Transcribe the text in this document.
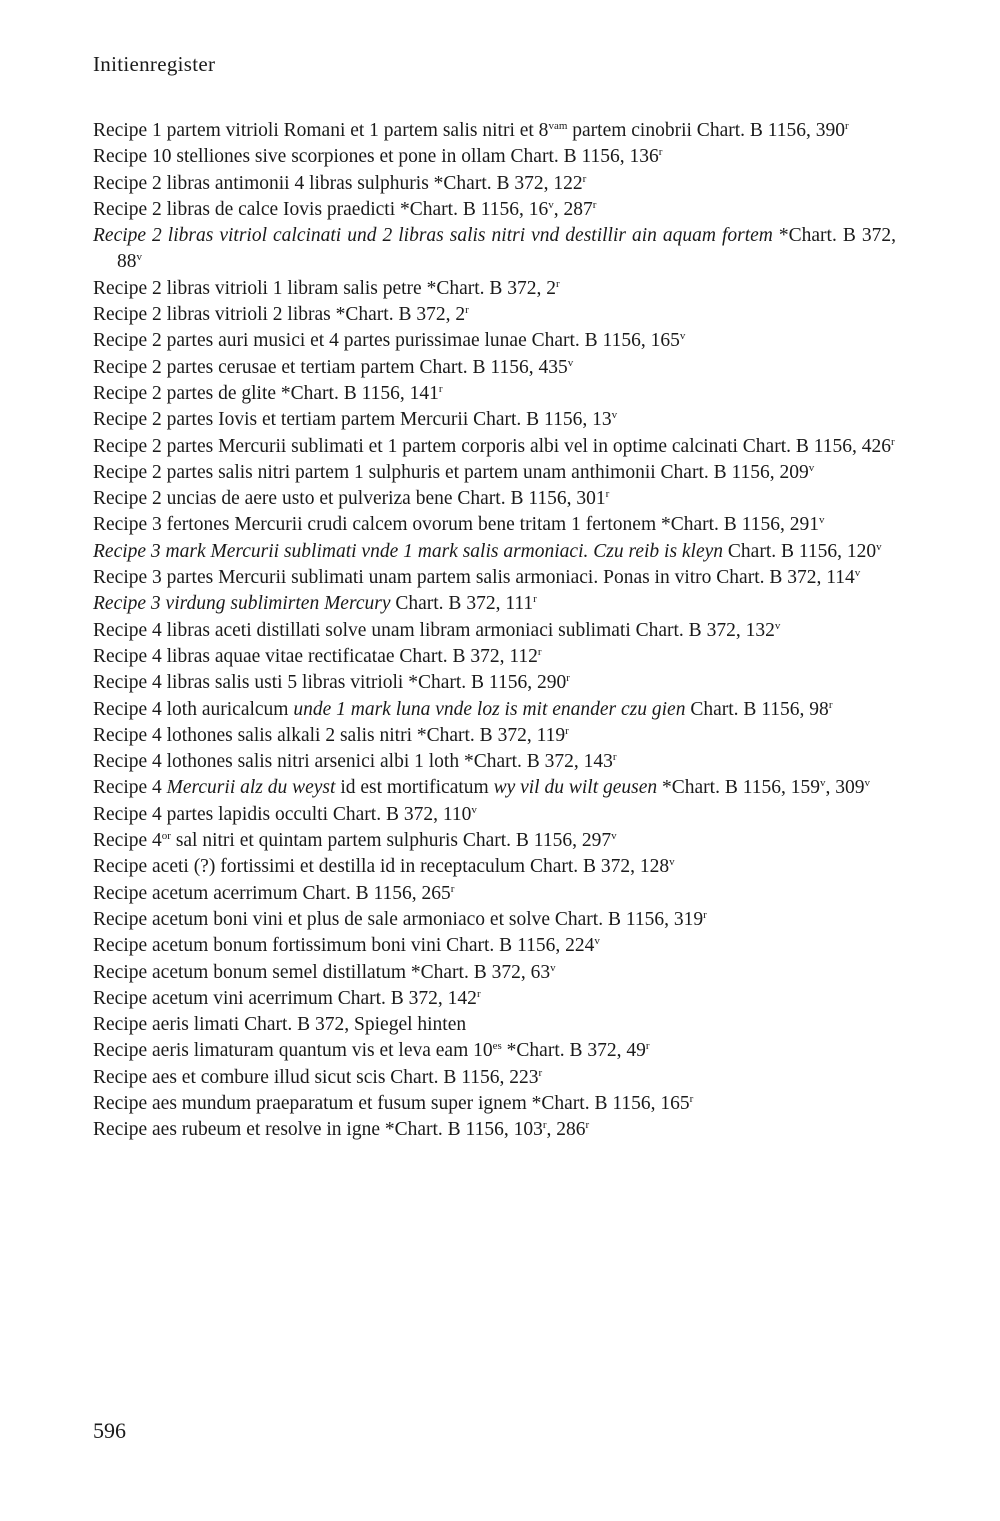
Initienregister
Recipe 1 partem vitrioli Romani et 1 partem salis nitri et $8^{vam}$ partem cinobrii Chart. B 1156, 390$^r$
Recipe 10 stelliones sive scorpiones et pone in ollam Chart. B 1156, 136$^r$
Recipe 2 libras antimonii 4 libras sulphuris *Chart. B 372, 122$^r$
Recipe 2 libras de calce Iovis praedicti *Chart. B 1156, 16$^v$, 287$^r$
Recipe 2 libras vitriol calcinati und 2 libras salis nitri vnd destillir ain aquam fortem *Chart. B 372, 88$^v$
Recipe 2 libras vitrioli 1 libram salis petre *Chart. B 372, 2$^r$
Recipe 2 libras vitrioli 2 libras *Chart. B 372, 2$^r$
Recipe 2 partes auri musici et 4 partes purissimae lunae Chart. B 1156, 165$^v$
Recipe 2 partes cerusae et tertiam partem Chart. B 1156, 435$^v$
Recipe 2 partes de glite *Chart. B 1156, 141$^r$
Recipe 2 partes Iovis et tertiam partem Mercurii Chart. B 1156, 13$^v$
Recipe 2 partes Mercurii sublimati et 1 partem corporis albi vel in optime calcinati Chart. B 1156, 426$^r$
Recipe 2 partes salis nitri partem 1 sulphuris et partem unam anthimonii Chart. B 1156, 209$^v$
Recipe 2 uncias de aere usto et pulveriza bene Chart. B 1156, 301$^r$
Recipe 3 fertones Mercurii crudi calcem ovorum bene tritam 1 fertonem *Chart. B 1156, 291$^v$
Recipe 3 mark Mercurii sublimati vnde 1 mark salis armoniaci. Czu reib is kleyn Chart. B 1156, 120$^v$
Recipe 3 partes Mercurii sublimati unam partem salis armoniaci. Ponas in vitro Chart. B 372, 114$^v$
Recipe 3 virdung sublimirten Mercury Chart. B 372, 111$^r$
Recipe 4 libras aceti distillati solve unam libram armoniaci sublimati Chart. B 372, 132$^v$
Recipe 4 libras aquae vitae rectificatae Chart. B 372, 112$^r$
Recipe 4 libras salis usti 5 libras vitrioli *Chart. B 1156, 290$^r$
Recipe 4 loth auricalcum unde 1 mark luna vnde loz is mit enander czu gien Chart. B 1156, 98$^r$
Recipe 4 lothones salis alkali 2 salis nitri *Chart. B 372, 119$^r$
Recipe 4 lothones salis nitri arsenici albi 1 loth *Chart. B 372, 143$^r$
Recipe 4 Mercurii alz du weyst id est mortificatum wy vil du wilt geusen *Chart. B 1156, 159$^v$, 309$^v$
Recipe 4 partes lapidis occulti Chart. B 372, 110$^v$
Recipe $4^{or}$ sal nitri et quintam partem sulphuris Chart. B 1156, 297$^v$
Recipe aceti (?) fortissimi et destilla id in receptaculum Chart. B 372, 128$^v$
Recipe acetum acerrimum Chart. B 1156, 265$^r$
Recipe acetum boni vini et plus de sale armoniaco et solve Chart. B 1156, 319$^r$
Recipe acetum bonum fortissimum boni vini Chart. B 1156, 224$^v$
Recipe acetum bonum semel distillatum *Chart. B 372, 63$^v$
Recipe acetum vini acerrimum Chart. B 372, 142$^r$
Recipe aeris limati Chart. B 372, Spiegel hinten
Recipe aeris limaturam quantum vis et leva eam $10^{es}$ *Chart. B 372, 49$^r$
Recipe aes et combure illud sicut scis Chart. B 1156, 223$^r$
Recipe aes mundum praeparatum et fusum super ignem *Chart. B 1156, 165$^r$
Recipe aes rubeum et resolve in igne *Chart. B 1156, 103$^r$, 286$^r$
596
